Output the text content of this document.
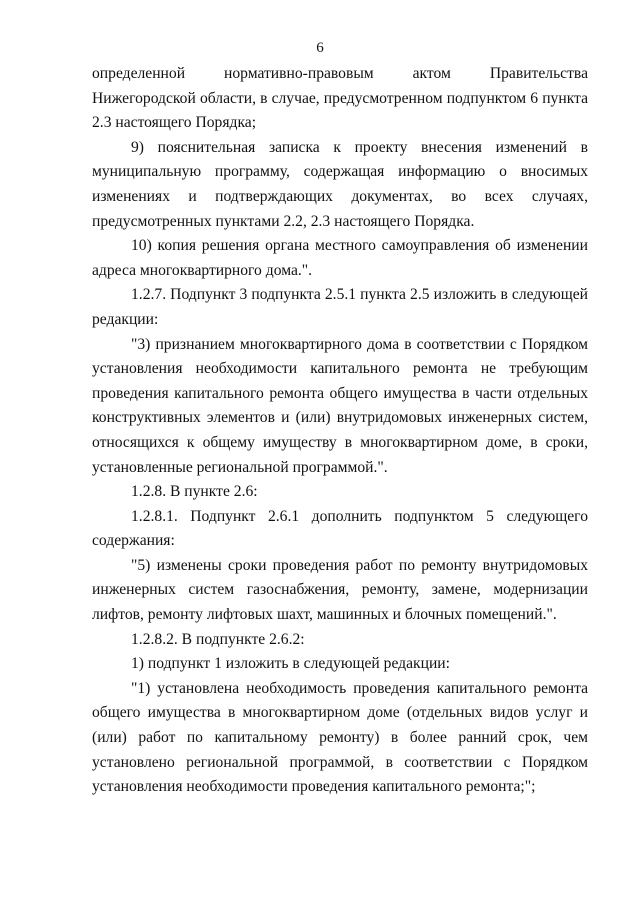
6

определенной нормативно-правовым актом Правительства Нижегородской области, в случае, предусмотренном подпунктом 6 пункта 2.3 настоящего Порядка;

9) пояснительная записка к проекту внесения изменений в муниципальную программу, содержащая информацию о вносимых изменениях и подтверждающих документах, во всех случаях, предусмотренных пунктами 2.2, 2.3 настоящего Порядка.

10) копия решения органа местного самоуправления об изменении адреса многоквартирного дома.".

1.2.7. Подпункт 3 подпункта 2.5.1 пункта 2.5 изложить в следующей редакции:

"3) признанием многоквартирного дома в соответствии с Порядком установления необходимости капитального ремонта не требующим проведения капитального ремонта общего имущества в части отдельных конструктивных элементов и (или) внутридомовых инженерных систем, относящихся к общему имуществу в многоквартирном доме, в сроки, установленные региональной программой.".

1.2.8. В пункте 2.6:

1.2.8.1. Подпункт 2.6.1 дополнить подпунктом 5 следующего содержания:

"5) изменены сроки проведения работ по ремонту внутридомовых инженерных систем газоснабжения, ремонту, замене, модернизации лифтов, ремонту лифтовых шахт, машинных и блочных помещений.".

1.2.8.2. В подпункте 2.6.2:

1) подпункт 1 изложить в следующей редакции:

"1) установлена необходимость проведения капитального ремонта общего имущества в многоквартирном доме (отдельных видов услуг и (или) работ по капитальному ремонту) в более ранний срок, чем установлено региональной программой, в соответствии с Порядком установления необходимости проведения капитального ремонта;";
